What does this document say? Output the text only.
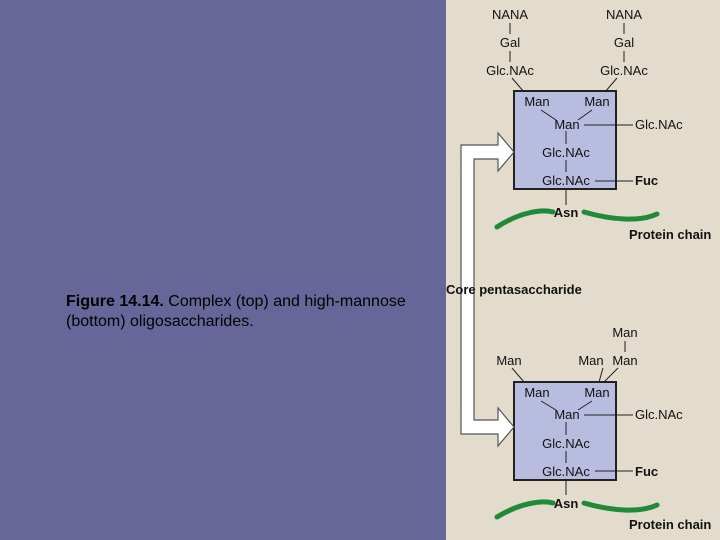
Figure 14.14. Complex (top) and high-mannose (bottom) oligosaccharides.
NANA	NANA
Gal	Gal
Glc.NAc	Glc.NAc
Man	Man
Man	Glc.NAc
Glc.NAc
Glc.NAc	Fuc
Asn
Protein chain
Core pentasaccharide
Man
Man	Man Man
Man	Man
Man	Glc.NAc
Glc.NAc
Glc.NAc	Fuc
Asn
Protein chain
